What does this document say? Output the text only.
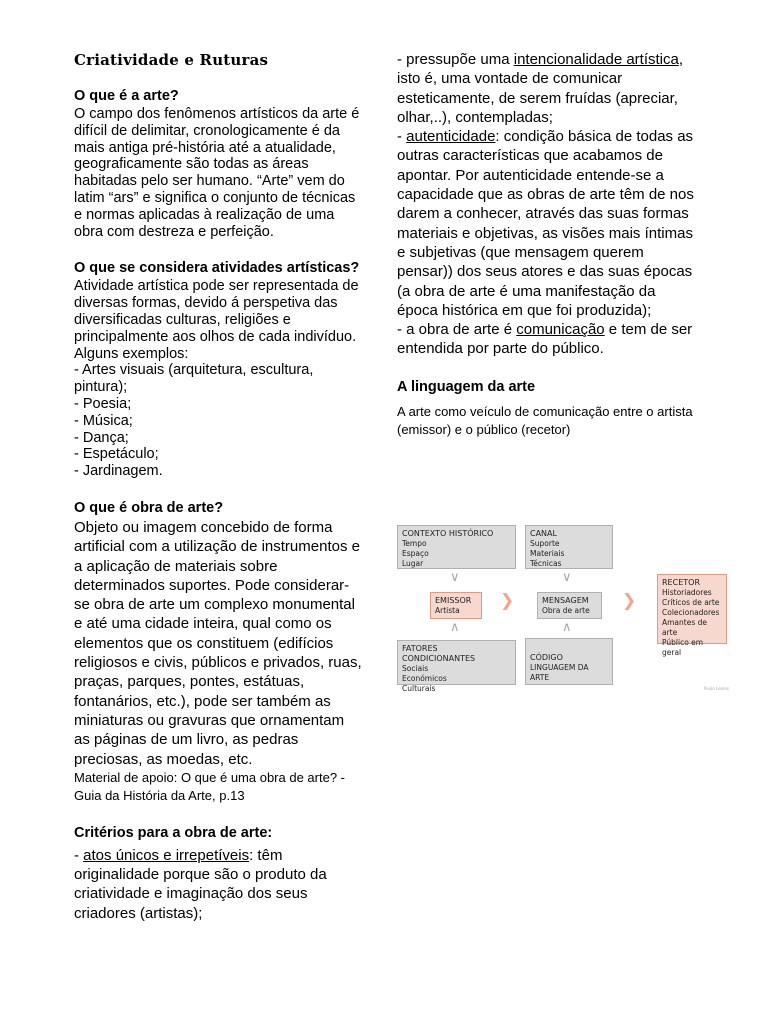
Criatividade e Ruturas
O que é a arte?

O campo dos fenômenos artísticos da arte é difícil de delimitar, cronologicamente é da mais antiga pré-história até a atualidade, geograficamente são todas as áreas habitadas pelo ser humano. “Arte” vem do latim “ars” e significa o conjunto de técnicas e normas aplicadas à realização de uma obra com destreza e perfeição.

O que se considera atividades artísticas?

Atividade artística pode ser representada de diversas formas, devido á perspetiva das diversificadas culturas, religiões e principalmente aos olhos de cada indivíduo. Alguns exemplos:

- Artes visuais (arquitetura, escultura, pintura);
- Poesia;
- Música;
- Dança;
- Espetáculo;
- Jardinagem.
O que é obra de arte?

Objeto ou imagem concebido de forma artificial com a utilização de instrumentos e a aplicação de materiais sobre determinados suportes. Pode considerar-se obra de arte um complexo monumental e até uma cidade inteira, qual como os elementos que os constituem (edifícios religiosos e civis, públicos e privados, ruas, praças, parques, pontes, estátuas, fontanários, etc.), pode ser também as miniaturas ou gravuras que ornamentam as páginas de um livro, as pedras preciosas, as moedas, etc.

Material de apoio: O que é uma obra de arte? - Guia da História da Arte, p.13

Critérios para a obra de arte:

- atos únicos e irrepetíveis: têm originalidade porque são o produto da criatividade e imaginação dos seus criadores (artistas);

- pressupõe uma intencionalidade artística, isto é, uma vontade de comunicar esteticamente, de serem fruídas (apreciar, olhar,..), contempladas;

- autenticidade: condição básica de todas as outras características que acabamos de apontar. Por autenticidade entende-se a capacidade que as obras de arte têm de nos darem a conhecer, através das suas formas materiais e objetivas, as visões mais íntimas e subjetivas (que mensagem querem pensar)) dos seus atores e das suas épocas (a obra de arte é uma manifestação da época histórica em que foi produzida);

- a obra de arte é comunicação e tem de ser entendida por parte do público.

A linguagem da arte

A arte como veículo de comunicação entre o artista (emissor) e o público (recetor)

CONTEXTO HISTÓRICO
Tempo
Espaço
Lugar
CANAL
Suporte
Materiais
Técnicas
∨	∨
EMISSOR
Artista	❯	MENSAGEM
Obra de arte	❯
RECETOR
Historiadores
Críticos de arte
Colecionadores
Amantes de arte
Público em geral
∧	∧
FATORES CONDICIONANTES
Sociais
Económicos
Culturais
CÓDIGO
LINGUAGEM DA ARTE
Paulo Lemos
